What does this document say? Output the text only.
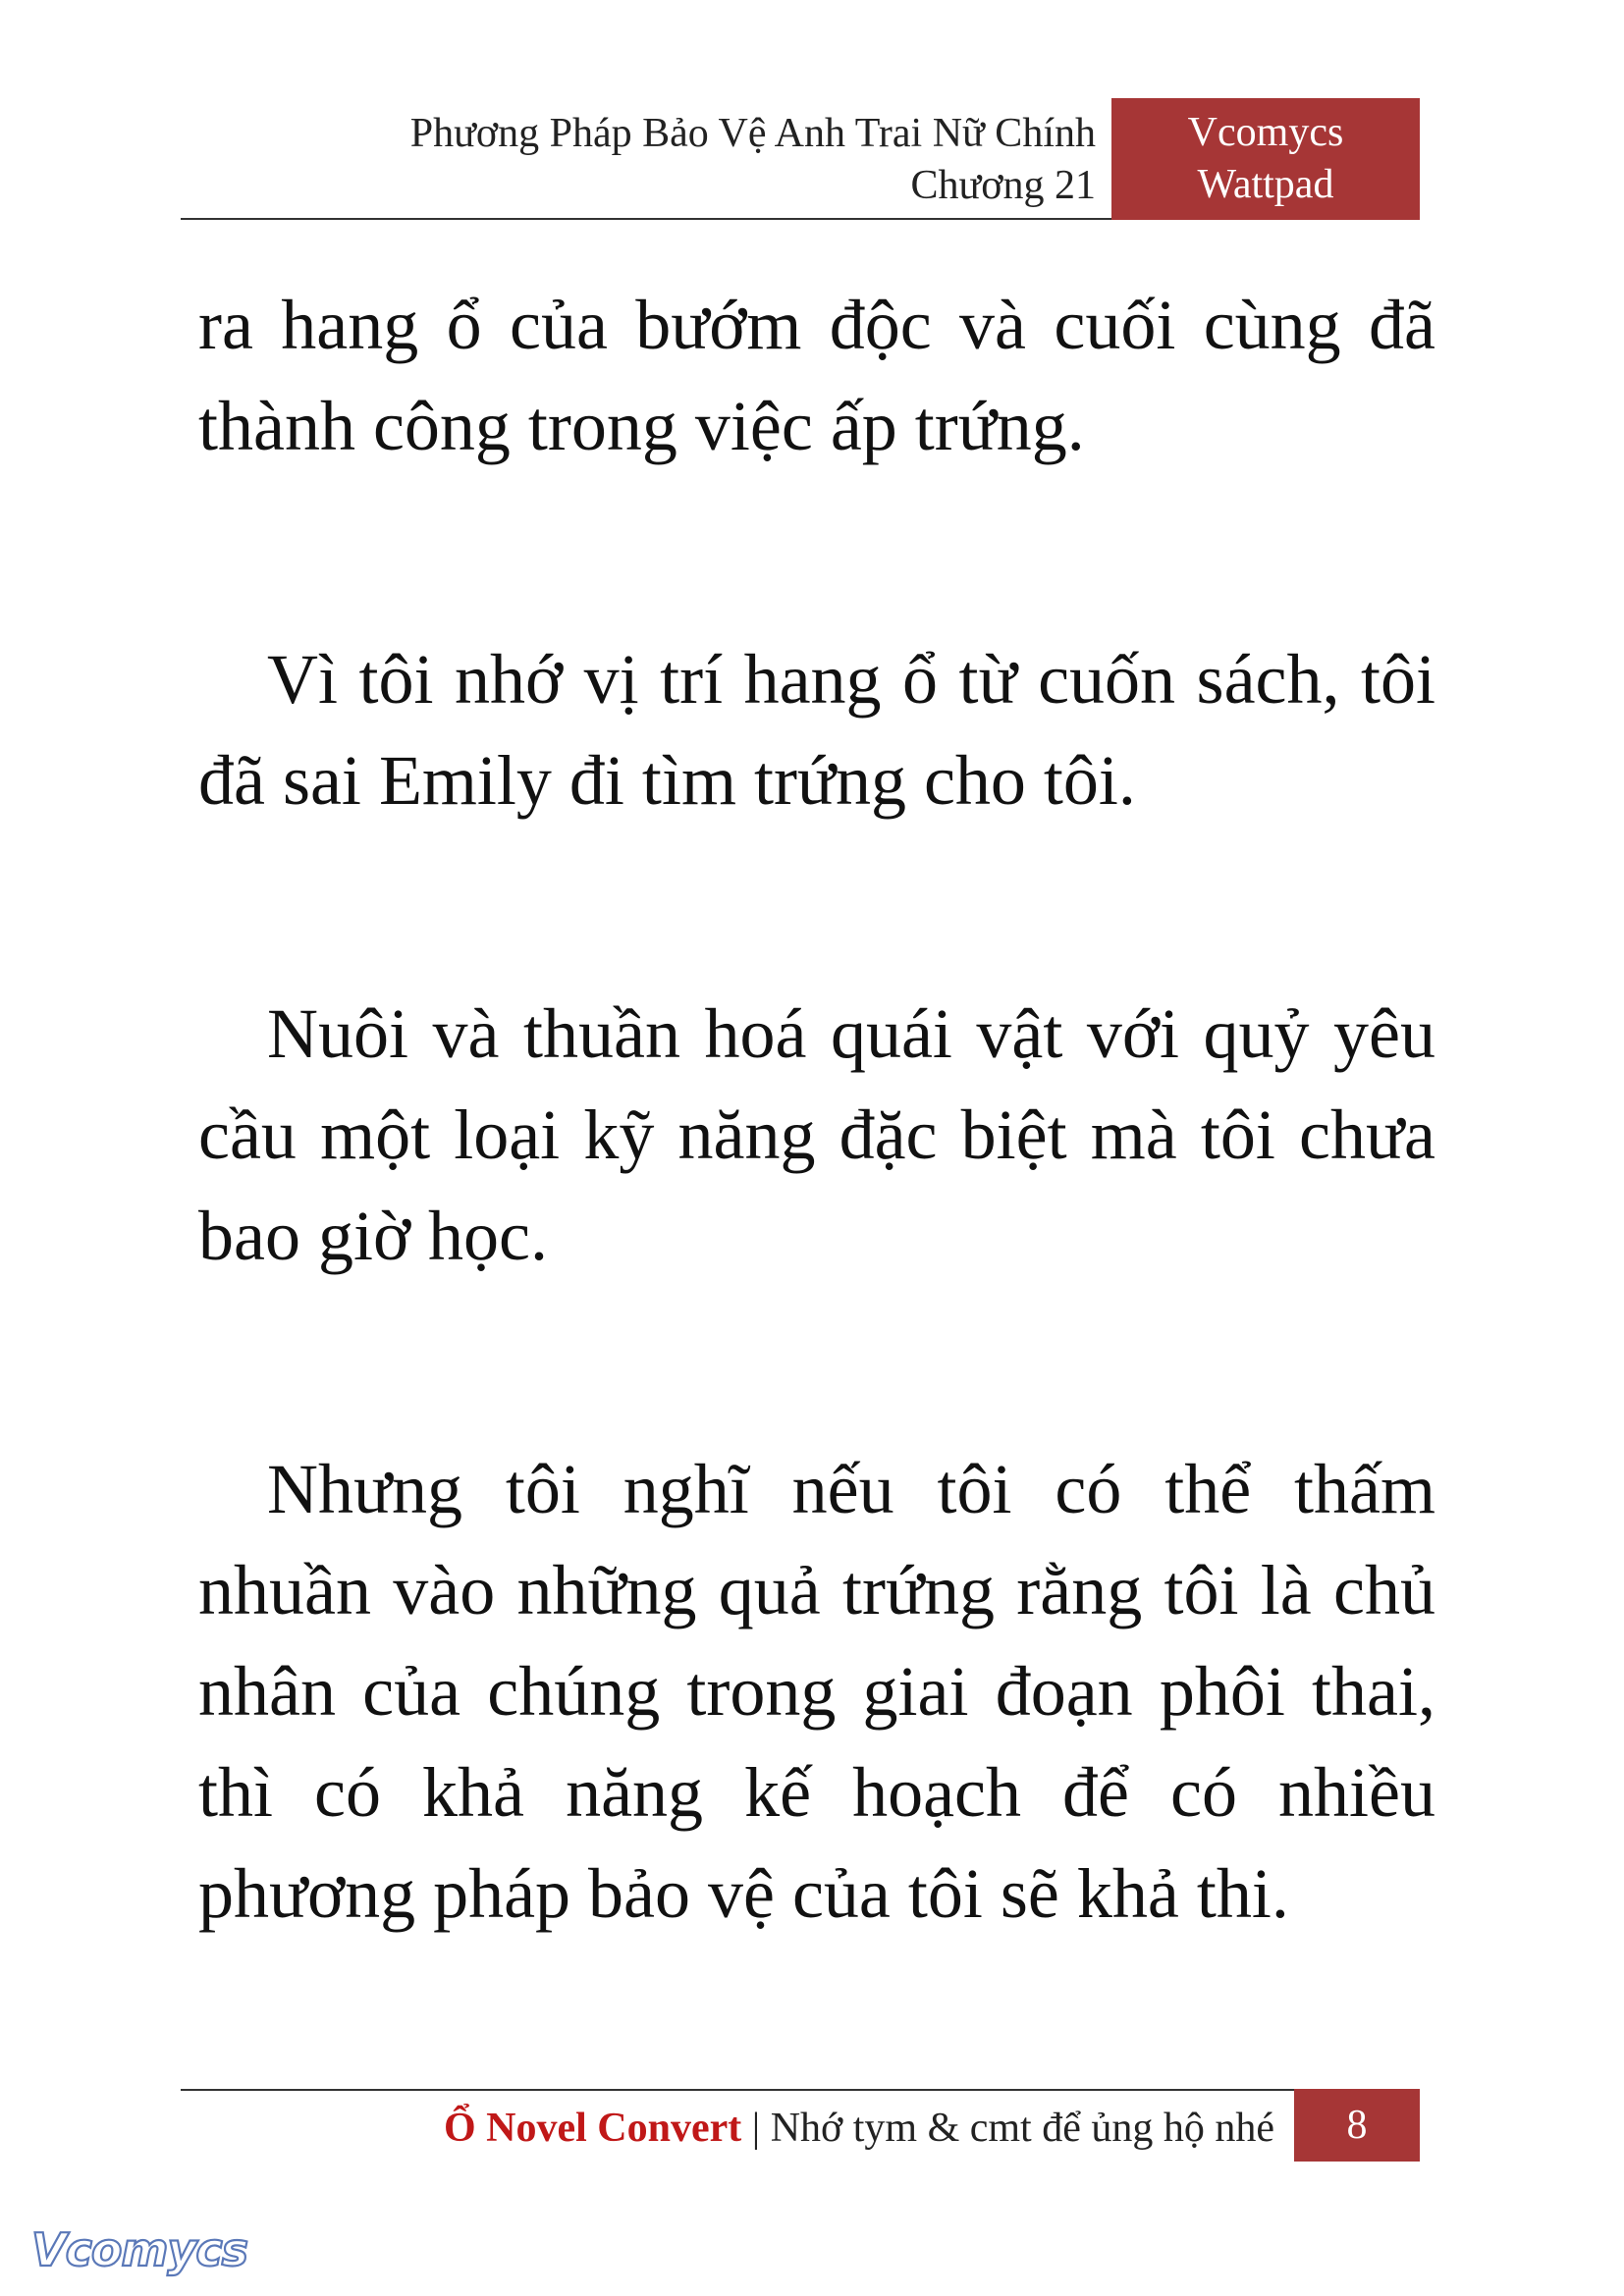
Phương Pháp Bảo Vệ Anh Trai Nữ Chính
Chương 21
Vcomycs
Wattpad

ra hang ổ của bướm độc và cuối cùng đã thành công trong việc ấp trứng.

Vì tôi nhớ vị trí hang ổ từ cuốn sách, tôi đã sai Emily đi tìm trứng cho tôi.

Nuôi và thuần hoá quái vật với quỷ yêu cầu một loại kỹ năng đặc biệt mà tôi chưa bao giờ học.

Nhưng tôi nghĩ nếu tôi có thể thấm nhuần vào những quả trứng rằng tôi là chủ nhân của chúng trong giai đoạn phôi thai, thì có khả năng kế hoạch để có nhiều phương pháp bảo vệ của tôi sẽ khả thi.

Ổ Novel Convert | Nhớ tym & cmt để ủng hộ nhé	8
Vcomycs
